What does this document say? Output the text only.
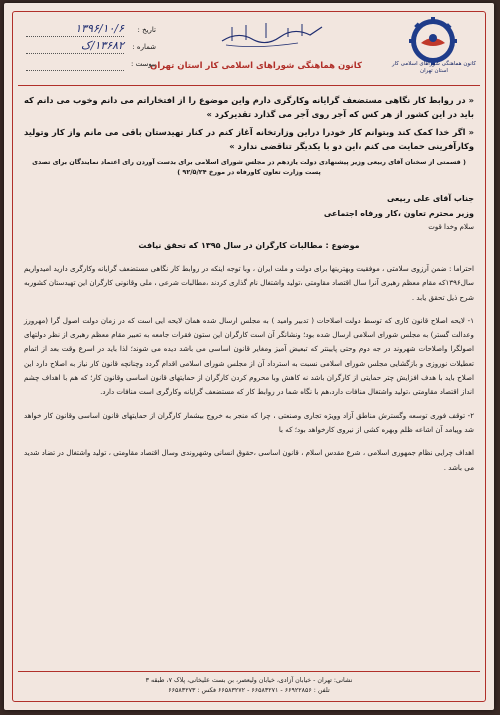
تاریخ :
۱۳۹۶/۱۰/۶
شماره :
۱۳۶۸۲/ک
پیوست :
کانون هماهنگی شوراهای اسلامی کار استان تهران	کانون هماهنگی شوراهای اسلامی کار استان تهران

« در روابط کار نگاهی مستضعف گرایانه وکارگری دارم واین موضوع را از افتخاراتم می دانم وخوب می دانم که باید در این کشور از هر کس که آجر روی آجر می گذارد تقدیرکرد »

« اگر خدا کمک کند وبتوانم کار خودرا دراین وزارتخانه آغاز کنم در کنار تهیدستان باقی می مانم واز کار وتولید وکارآفرینی حمایت می کنم ،این دو با یکدیگر تناقضی ندارد »

( قسمتی از سخنان آقای ربیعی وزیر پیشنهادی دولت یازدهم در مجلس شورای اسلامی برای بدست آوردن رای اعتماد نمایندگان برای تصدی پست وزارت تعاون کاورفاه در مورخ ۹۲/۵/۲۴ )

جناب آقای علی ربیعی
وزیر محترم تعاون ،کار ورفاه اجتماعی
سلام وخدا قوت
موضوع : مطالبات کارگران در سال ۱۳۹۵ که تحقق نیافت

احتراما : ضمن آرزوی سلامتی ، موفقیت وبهترینها برای دولت و ملت ایران ، وبا توجه اینکه در روابط کار نگاهی مستضعف گرایانه وکارگری دارید امیدواریم سال۱۳۹۶که مقام معظم رهبری آنرا سال اقتصاد مقاومتی ،تولید واشتغال نام گذاری کردند ،مطالبات شرعی ، ملی وقانونی کارگران این تهیدستان کشوربه شرح ذیل تحقق یابد .

۱- لایحه اصلاح قانون کاری که توسط دولت اصلاحات ( تدبیر وامید ) به مجلس ارسال شده همان لایحه ایی است که در زمان دولت اصول گرا (مهرورز وعدالت گستر) به مجلس شورای اسلامی ارسال شده بود؛ ونشانگر آن است کارگران این ستون فقرات جامعه به تعبیر مقام معظم رهبری از نظر دولتهای اصولگرا واصلاحات شهروند در جه دوم وحتی پایینتر که تبعیض آمیز ومغایر قانون اساسی می باشد دیده می شوند؛ لذا باید در اسرع وقت بعد از اتمام تعطیلات نوروزی و بازگشایی مجلس شورای اسلامی نسبت به استرداد آن از مجلس شورای اسلامی اقدام گردد وچنانچه قانون کار نیاز به اصلاح دارد این اصلاح باید با هدف افزایش چتر حمایتی از کارگران باشد نه کاهش وبا محروم کردن کارگران از حمایتهای قانون اساسی وقانون کار؛ که هم با اهداف چشم انداز اقتصاد مقاومتی ،تولید واشتغال منافات دارد،هم با نگاه شما در روابط کار که مستضعف گرایانه وکارگری است منافات دارد.

۲- توقف فوری توسعه وگسترش مناطق آزاد وویژه تجاری وصنعتی ، چرا که منجر به خروج بیشمار کارگران از حمایتهای قانون اساسی وقانون کار خواهد شد وپیامد آن اشاعه ظلم وبهره کشی از نیروی کارخواهد بود؛ که با

اهداف چرایی نظام جمهوری اسلامی ، شرع مقدس اسلام ، قانون اساسی ،حقوق انسانی وشهروندی وسال اقتصاد مقاومتی ، تولید واشتغال در تضاد شدید می باشد .

نشانی: تهران - خیابان آزادی، خیابان ولیعصر، بن بست علیخانی، پلاک ۷، طبقه ۳
تلفن : ۶۶۹۲۲۸۵۶ - ۶۶۵۸۳۲۷۱ - ۶۶۵۸۳۲۷۲ فکس : ۶۶۵۸۳۲۷۳
